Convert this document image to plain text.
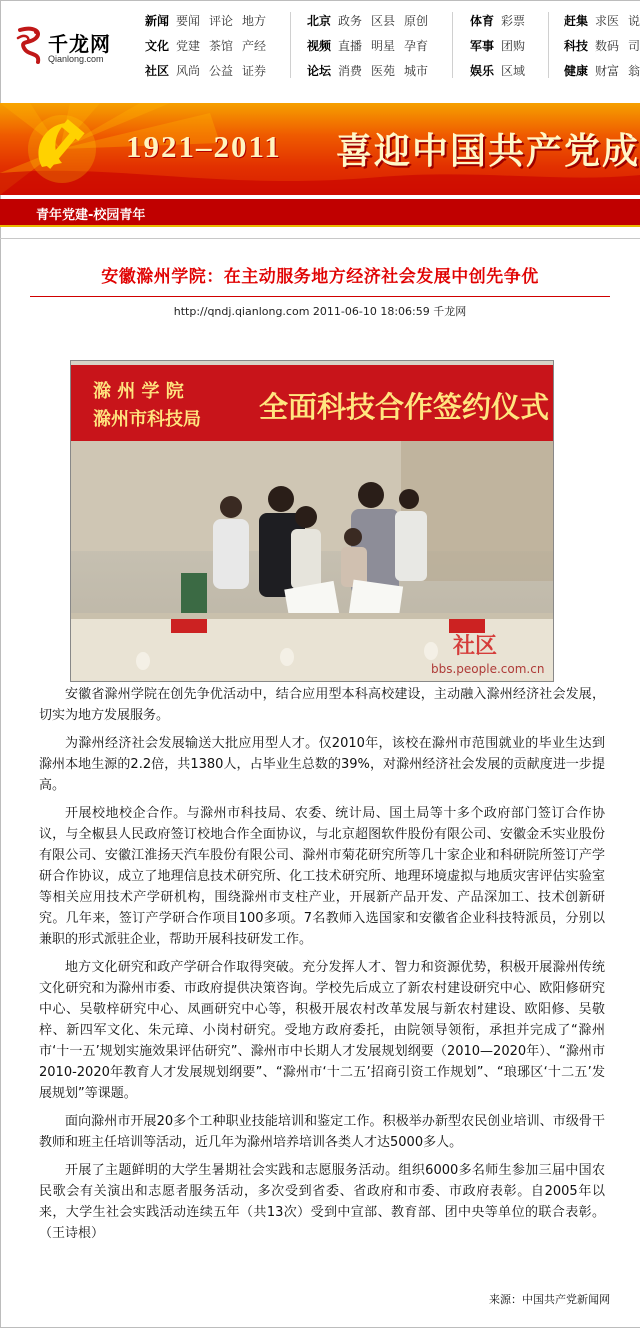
千龙网
Qianlong.com
新闻 要闻 评论 地方
文化 党建 茶馆 产经
社区 风尚 公益 证券
北京 政务 区县 原创
视频 直播 明星 孕育
论坛 消费 医苑 城市
体育 彩票
军事 团购
娱乐 区域
赶集 求医 说
科技 数码 司
健康 财富 翁
1921–2011 喜迎中国共产党成
青年党建-校园青年
安徽滁州学院：在主动服务地方经济社会发展中创先争优
http://qndj.qianlong.com 2011-06-10 18:06:59 千龙网
滁 州 学 院
滁州市科技局 全面科技合作签约仪式
社区
bbs.people.com.cn

安徽省滁州学院在创先争优活动中，结合应用型本科高校建设，主动融入滁州经济社会发展，切实为地方发展服务。

为滁州经济社会发展输送大批应用型人才。仅2010年，该校在滁州市范围就业的毕业生达到滁州本地生源的2.2倍，共1380人，占毕业生总数的39%，对滁州经济社会发展的贡献度进一步提高。

开展校地校企合作。与滁州市科技局、农委、统计局、国土局等十多个政府部门签订合作协议，与全椒县人民政府签订校地合作全面协议，与北京超图软件股份有限公司、安徽金禾实业股份有限公司、安徽江淮扬天汽车股份有限公司、滁州市菊花研究所等几十家企业和科研院所签订产学研合作协议，成立了地理信息技术研究所、化工技术研究所、地理环境虚拟与地质灾害评估实验室等相关应用技术产学研机构，围绕滁州市支柱产业，开展新产品开发、产品深加工、技术创新研究。几年来，签订产学研合作项目100多项。7名教师入选国家和安徽省企业科技特派员，分别以兼职的形式派驻企业，帮助开展科技研发工作。

地方文化研究和政产学研合作取得突破。充分发挥人才、智力和资源优势，积极开展滁州传统文化研究和为滁州市委、市政府提供决策咨询。学校先后成立了新农村建设研究中心、欧阳修研究中心、吴敬梓研究中心、凤画研究中心等，积极开展农村改革发展与新农村建设、欧阳修、吴敬梓、新四军文化、朱元璋、小岗村研究。受地方政府委托，由院领导领衔，承担并完成了“滁州市‘十一五’规划实施效果评估研究”、滁州市中长期人才发展规划纲要（2010—2020年）、“滁州市2010-2020年教育人才发展规划纲要”、“滁州市‘十二五’招商引资工作规划”、“琅琊区‘十二五’发展规划”等课题。

面向滁州市开展20多个工种职业技能培训和鉴定工作。积极举办新型农民创业培训、市级骨干教师和班主任培训等活动，近几年为滁州培养培训各类人才达5000多人。

开展了主题鲜明的大学生暑期社会实践和志愿服务活动。组织6000多名师生参加三届中国农民歌会有关演出和志愿者服务活动，多次受到省委、省政府和市委、市政府表彰。自2005年以来，大学生社会实践活动连续五年（共13次）受到中宣部、教育部、团中央等单位的联合表彰。（王诗根）

来源：中国共产党新闻网
